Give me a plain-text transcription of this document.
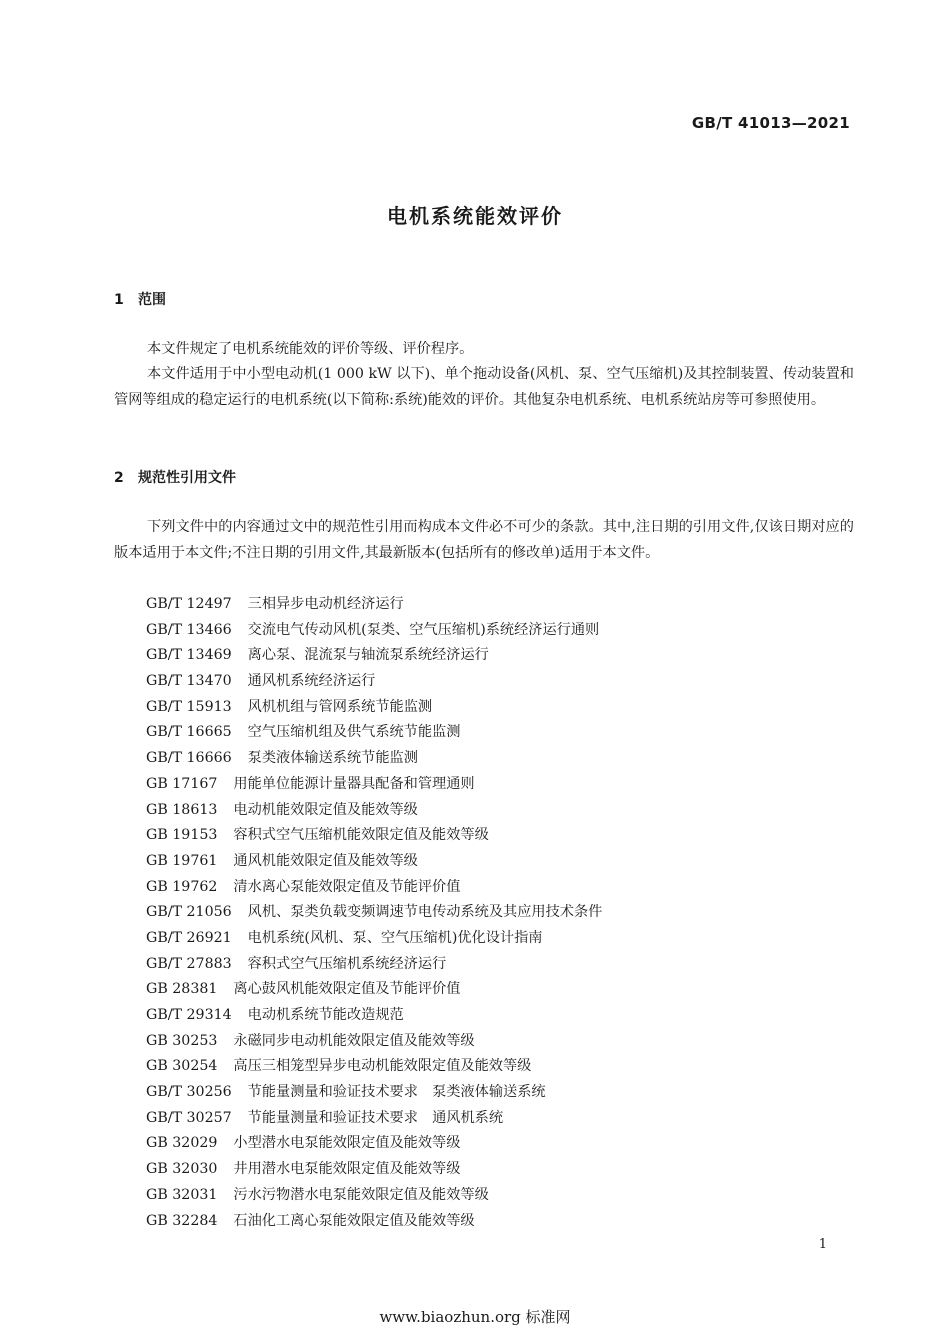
GB/T 41013—2021
电机系统能效评价
1 范围

本文件规定了电机系统能效的评价等级、评价程序。

本文件适用于中小型电动机(1 000 kW 以下)、单个拖动设备(风机、泵、空气压缩机)及其控制装置、传动装置和管网等组成的稳定运行的电机系统(以下简称:系统)能效的评价。其他复杂电机系统、电机系统站房等可参照使用。

2 规范性引用文件

下列文件中的内容通过文中的规范性引用而构成本文件必不可少的条款。其中,注日期的引用文件,仅该日期对应的版本适用于本文件;不注日期的引用文件,其最新版本(包括所有的修改单)适用于本文件。

GB/T 12497 三相异步电动机经济运行
GB/T 13466 交流电气传动风机(泵类、空气压缩机)系统经济运行通则
GB/T 13469 离心泵、混流泵与轴流泵系统经济运行
GB/T 13470 通风机系统经济运行
GB/T 15913 风机机组与管网系统节能监测
GB/T 16665 空气压缩机组及供气系统节能监测
GB/T 16666 泵类液体输送系统节能监测
GB 17167 用能单位能源计量器具配备和管理通则
GB 18613 电动机能效限定值及能效等级
GB 19153 容积式空气压缩机能效限定值及能效等级
GB 19761 通风机能效限定值及能效等级
GB 19762 清水离心泵能效限定值及节能评价值
GB/T 21056 风机、泵类负载变频调速节电传动系统及其应用技术条件
GB/T 26921 电机系统(风机、泵、空气压缩机)优化设计指南
GB/T 27883 容积式空气压缩机系统经济运行
GB 28381 离心鼓风机能效限定值及节能评价值
GB/T 29314 电动机系统节能改造规范
GB 30253 永磁同步电动机能效限定值及能效等级
GB 30254 高压三相笼型异步电动机能效限定值及能效等级
GB/T 30256 节能量测量和验证技术要求　泵类液体输送系统
GB/T 30257 节能量测量和验证技术要求　通风机系统
GB 32029 小型潜水电泵能效限定值及能效等级
GB 32030 井用潜水电泵能效限定值及能效等级
GB 32031 污水污物潜水电泵能效限定值及能效等级
GB 32284 石油化工离心泵能效限定值及能效等级
1
www.biaozhun.org 标准网
